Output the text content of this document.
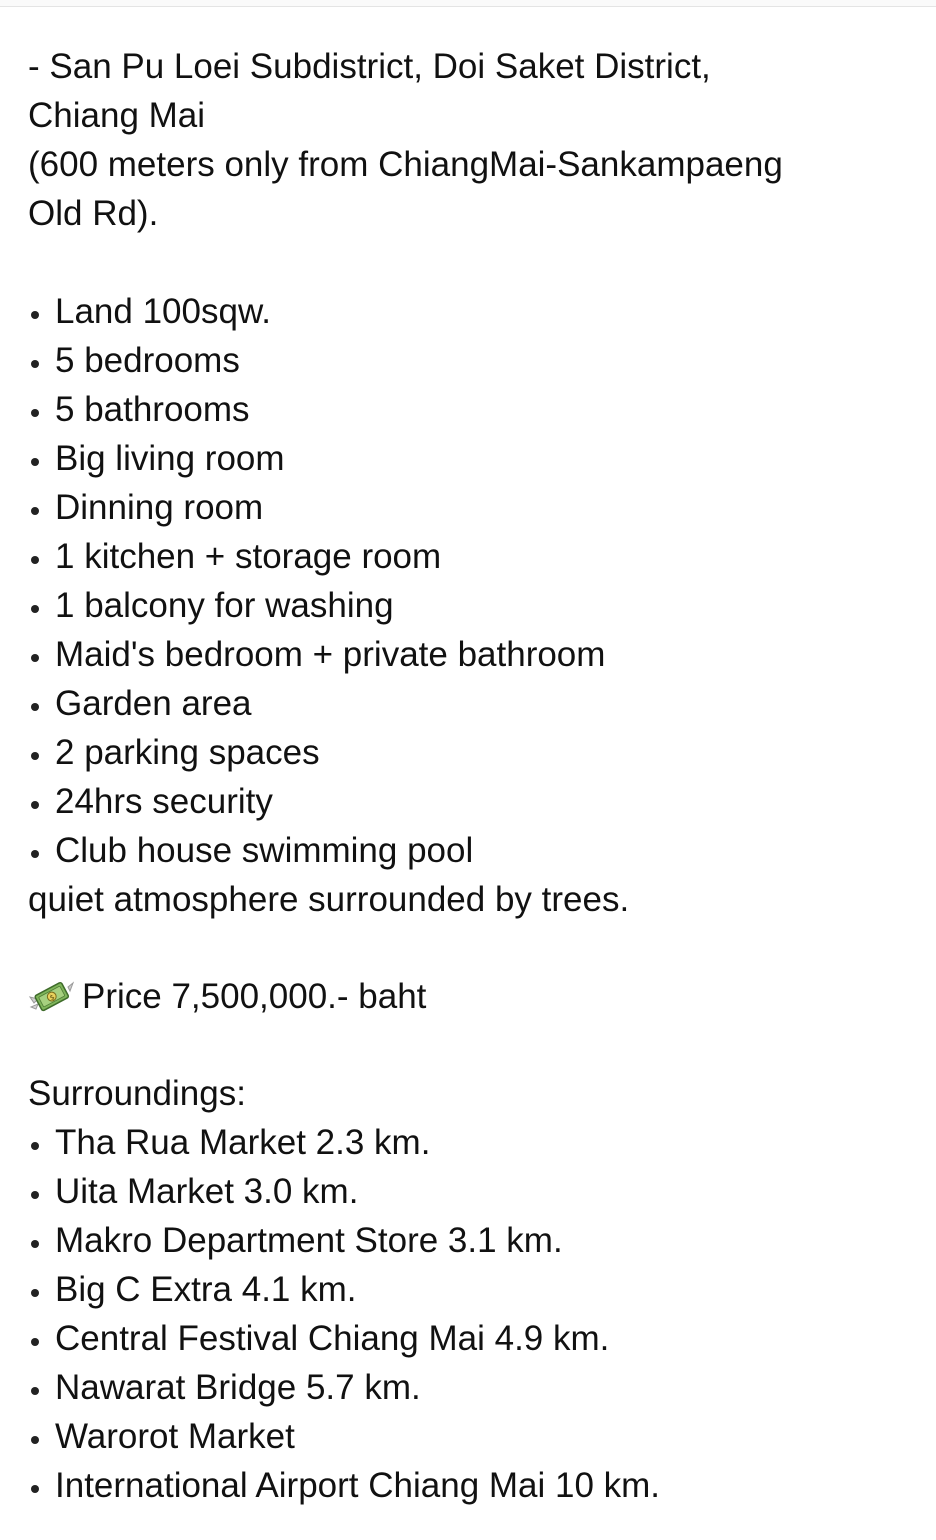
- San Pu Loei Subdistrict, Doi Saket District,
Chiang Mai
(600 meters only from ChiangMai-Sankampaeng
Old Rd).
Land 100sqw.
5 bedrooms
5 bathrooms
Big living room
Dinning room
1 kitchen + storage room
1 balcony for washing
Maid's bedroom + private bathroom
Garden area
2 parking spaces
24hrs security
Club house swimming pool
quiet atmosphere surrounded by trees.
$ Price 7,500,000.- baht
Surroundings:
Tha Rua Market 2.3 km.
Uita Market 3.0 km.
Makro Department Store 3.1 km.
Big C Extra 4.1 km.
Central Festival Chiang Mai 4.9 km.
Nawarat Bridge 5.7 km.
Warorot Market
International Airport Chiang Mai 10 km.
